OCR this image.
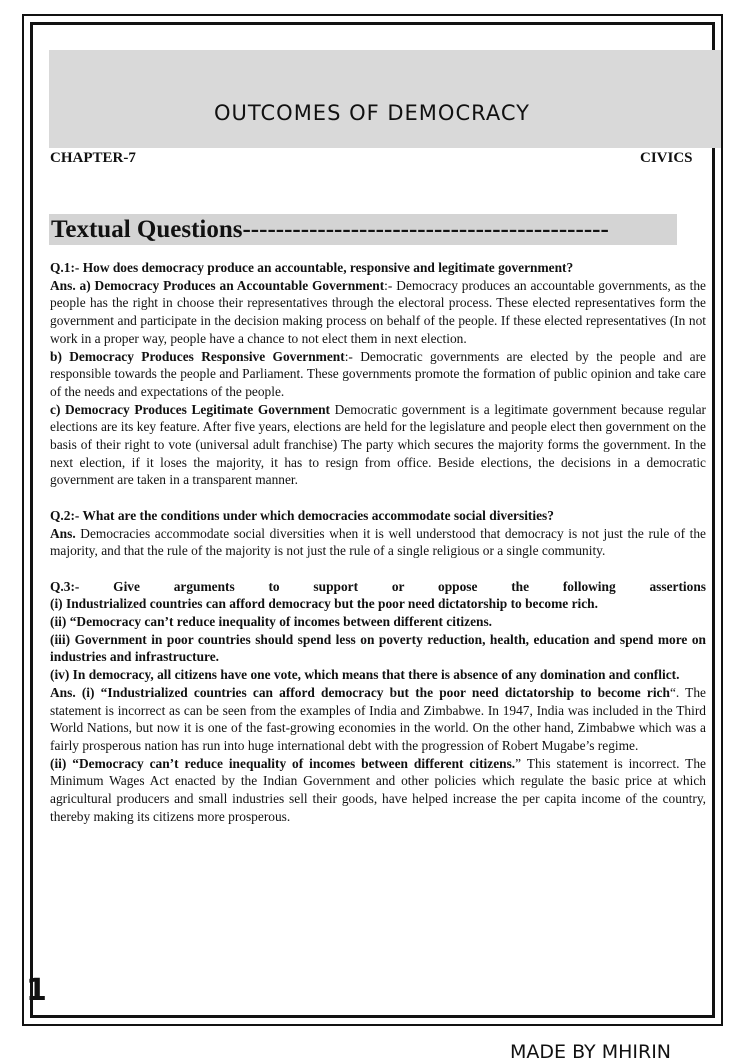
OUTCOMES OF DEMOCRACY
CHAPTER-7	CIVICS
Textual Questions--------------------------------------------

Q.1:- How does democracy produce an accountable, responsive and legitimate government?

Ans. a) Democracy Produces an Accountable Government:- Democracy produces an accountable governments, as the people has the right in choose their representatives through the electoral process. These elected representatives form the government and participate in the decision making process on behalf of the people. If these elected representatives (In not work in a proper way, people have a chance to not elect them in next election.

b) Democracy Produces Responsive Government:- Democratic governments are elected by the people and are responsible towards the people and Parliament. These governments promote the formation of public opinion and take care of the needs and expectations of the people.

c) Democracy Produces Legitimate Government Democratic government is a legitimate government because regular elections are its key feature. After five years, elections are held for the legislature and people elect then government on the basis of their right to vote (universal adult franchise) The party which secures the majority forms the government. In the next election, if it loses the majority, it has to resign from office. Beside elections, the decisions in a democratic government are taken in a transparent manner.

Q.2:- What are the conditions under which democracies accommodate social diversities?

Ans. Democracies accommodate social diversities when it is well understood that democracy is not just the rule of the majority, and that the rule of the majority is not just the rule of a single religious or a single community.

Q.3:- Give arguments to support or oppose the following assertions

(i) Industrialized countries can afford democracy but the poor need dictatorship to become rich.

(ii) “Democracy can’t reduce inequality of incomes between different citizens.

(iii) Government in poor countries should spend less on poverty reduction, health, education and spend more on industries and infrastructure.

(iv) In democracy, all citizens have one vote, which means that there is absence of any domination and conflict.

Ans. (i) “Industrialized countries can afford democracy but the poor need dictatorship to become rich“. The statement is incorrect as can be seen from the examples of India and Zimbabwe. In 1947, India was included in the Third World Nations, but now it is one of the fast-growing economies in the world. On the other hand, Zimbabwe which was a fairly prosperous nation has run into huge international debt with the progression of Robert Mugabe’s regime.

(ii) “Democracy can’t reduce inequality of incomes between different citizens.” This statement is incorrect. The Minimum Wages Act enacted by the Indian Government and other policies which regulate the basic price at which agricultural producers and small industries sell their goods, have helped increase the per capita income of the country, thereby making its citizens more prosperous.

1
MADE BY MHIRIN
